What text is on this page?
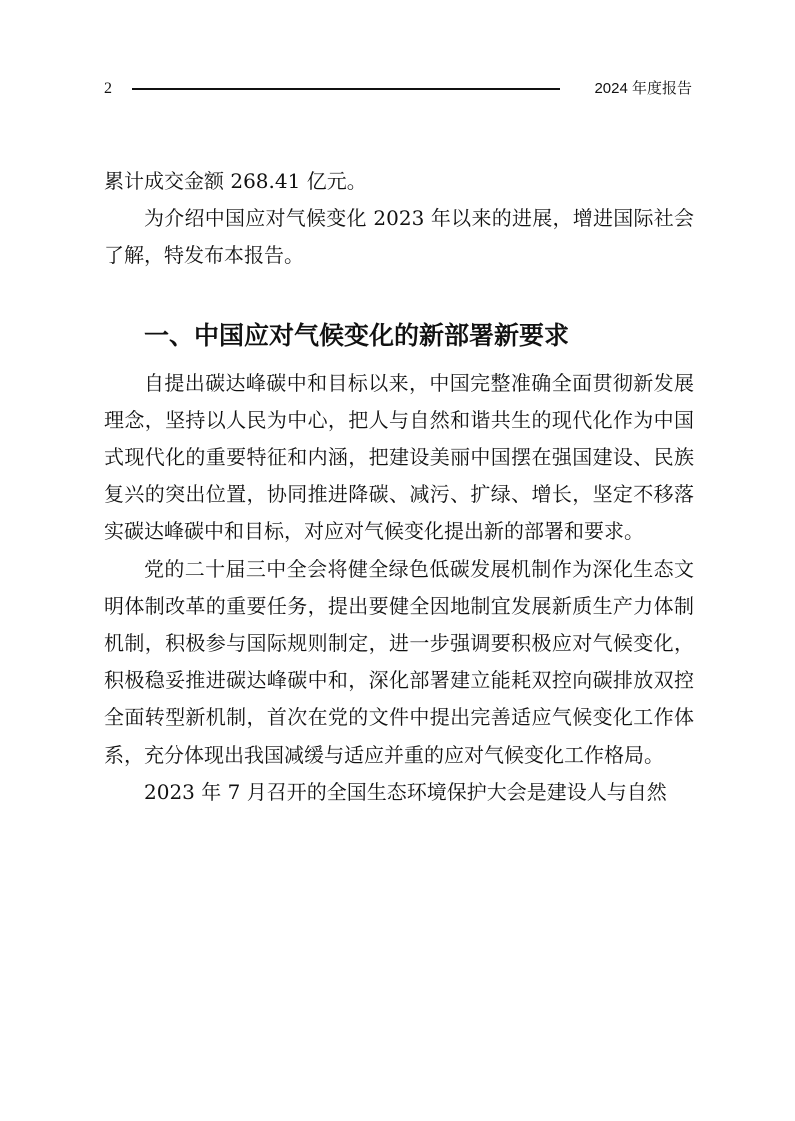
2	2024 年度报告

累计成交金额 268.41 亿元。

为介绍中国应对气候变化 2023 年以来的进展，增进国际社会了解，特发布本报告。

一、中国应对气候变化的新部署新要求

自提出碳达峰碳中和目标以来，中国完整准确全面贯彻新发展理念，坚持以人民为中心，把人与自然和谐共生的现代化作为中国式现代化的重要特征和内涵，把建设美丽中国摆在强国建设、民族复兴的突出位置，协同推进降碳、减污、扩绿、增长，坚定不移落实碳达峰碳中和目标，对应对气候变化提出新的部署和要求。

党的二十届三中全会将健全绿色低碳发展机制作为深化生态文明体制改革的重要任务，提出要健全因地制宜发展新质生产力体制机制，积极参与国际规则制定，进一步强调要积极应对气候变化，积极稳妥推进碳达峰碳中和，深化部署建立能耗双控向碳排放双控全面转型新机制，首次在党的文件中提出完善适应气候变化工作体系，充分体现出我国减缓与适应并重的应对气候变化工作格局。

2023 年 7 月召开的全国生态环境保护大会是建设人与自然
